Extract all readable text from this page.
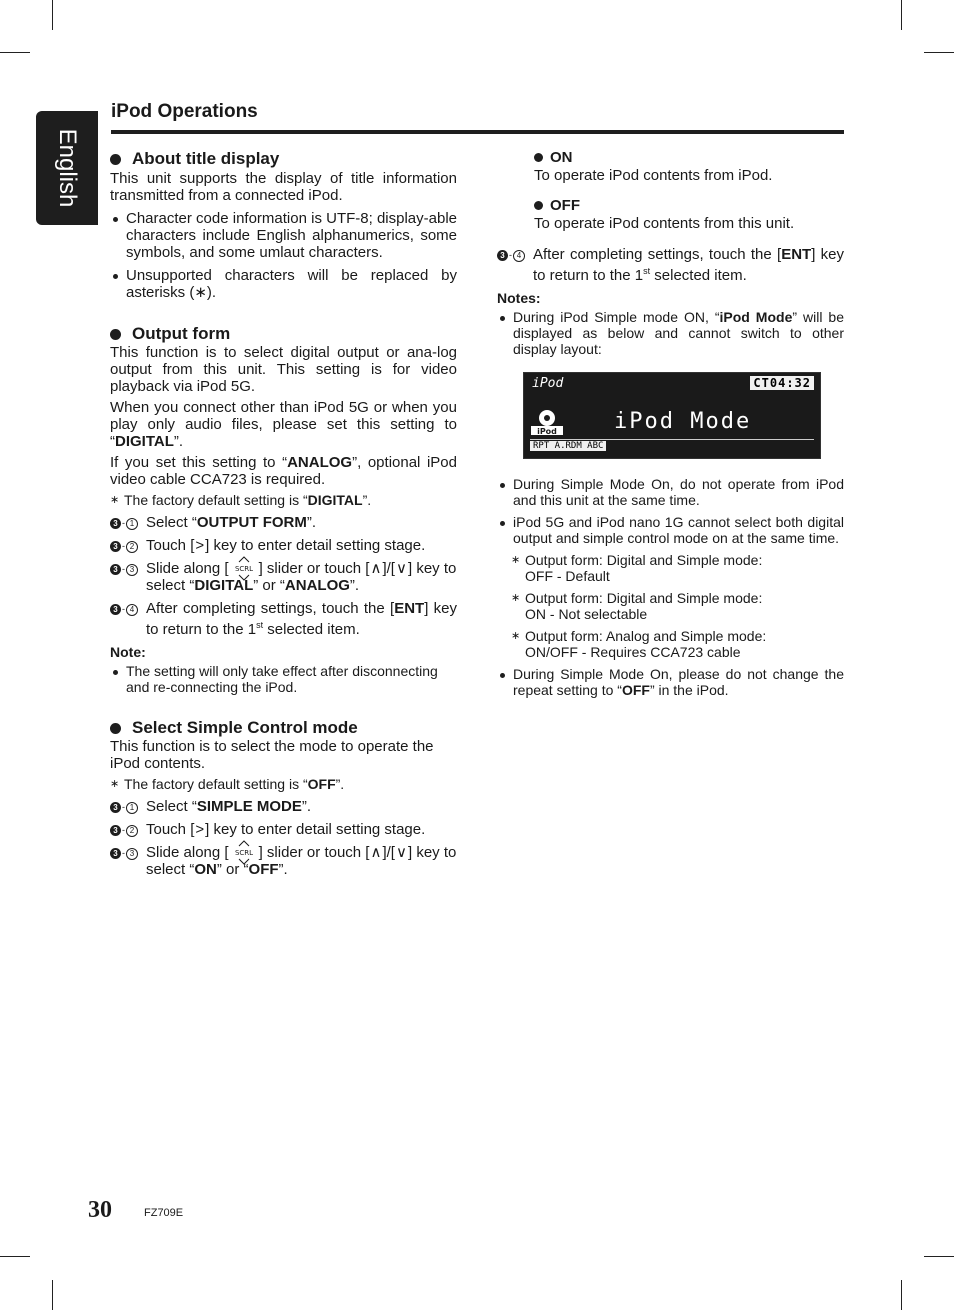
English
iPod Operations

About title display

This unit supports the display of title information transmitted from a connected iPod.

Character code information is UTF-8; display-able characters include English alphanumerics, some symbols, and some umlaut characters.

Unsupported characters will be replaced by asterisks (∗).

Output form

This function is to select digital output or ana-log output from this unit. This setting is for video playback via iPod 5G.

When you connect other than iPod 5G or when you play only audio files, please set this setting to “DIGITAL”.

If you set this setting to “ANALOG”, optional iPod video cable CCA723 is required.

∗ The factory default setting is “DIGITAL”.

3 - 1 Select “OUTPUT FORM”.

3 - 2 Touch [>] key to enter detail setting stage.

3 - 3 Slide along [ SCRL ] slider or touch [∧]/[∨] key to select “DIGITAL” or “ANALOG”.

3 - 4 After completing settings, touch the [ENT] key to return to the 1st selected item.

Note:

The setting will only take effect after disconnecting and re-connecting the iPod.

Select Simple Control mode

This function is to select the mode to operate the iPod contents.

∗ The factory default setting is “OFF”.

3 - 1 Select “SIMPLE MODE”.

3 - 2 Touch [>] key to enter detail setting stage.

3 - 3 Slide along [ SCRL ] slider or touch [∧]/[∨] key to select “ON” or “OFF”.

ON

To operate iPod contents from iPod.

OFF

To operate iPod contents from this unit.

3 - 4 After completing settings, touch the [ENT] key to return to the 1st selected item.

Notes:

During iPod Simple mode ON, “iPod Mode” will be displayed as below and cannot switch to other display layout:

iPod	CT04:32
iPod	iPod Mode
RPT A.RDM ABC

During Simple Mode On, do not operate from iPod and this unit at the same time.

iPod 5G and iPod nano 1G cannot select both digital output and simple control mode on at the same time.

∗ Output form: Digital and Simple mode:
OFF - Default

∗ Output form: Digital and Simple mode:
ON - Not selectable

∗ Output form: Analog and Simple mode:
ON/OFF - Requires CCA723 cable

During Simple Mode On, please do not change the repeat setting to “OFF” in the iPod.

30	FZ709E
